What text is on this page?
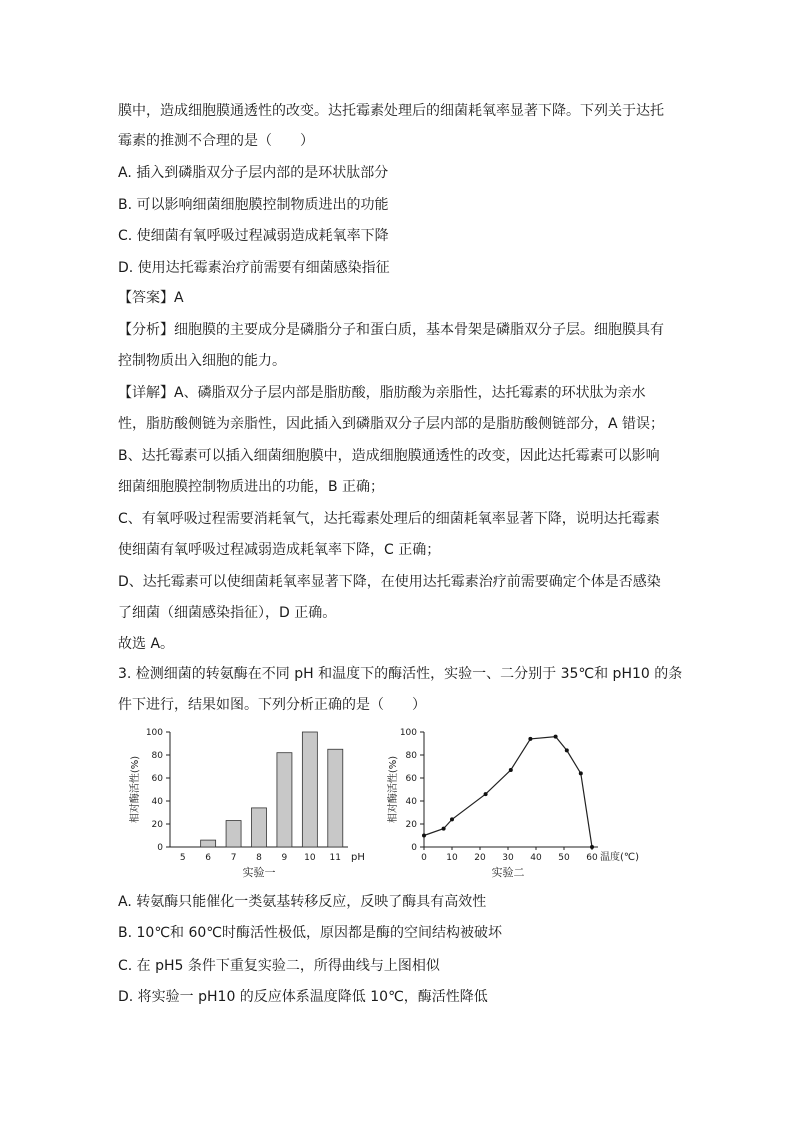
膜中，造成细胞膜通透性的改变。达托霉素处理后的细菌耗氧率显著下降。下列关于达托
霉素的推测不合理的是（　　）
A. 插入到磷脂双分子层内部的是环状肽部分
B. 可以影响细菌细胞膜控制物质进出的功能
C. 使细菌有氧呼吸过程减弱造成耗氧率下降
D. 使用达托霉素治疗前需要有细菌感染指征
【答案】A
【分析】细胞膜的主要成分是磷脂分子和蛋白质，基本骨架是磷脂双分子层。细胞膜具有
控制物质出入细胞的能力。
【详解】A、磷脂双分子层内部是脂肪酸，脂肪酸为亲脂性，达托霉素的环状肽为亲水
性，脂肪酸侧链为亲脂性，因此插入到磷脂双分子层内部的是脂肪酸侧链部分，A 错误；
B、达托霉素可以插入细菌细胞膜中，造成细胞膜通透性的改变，因此达托霉素可以影响
细菌细胞膜控制物质进出的功能，B 正确；
C、有氧呼吸过程需要消耗氧气，达托霉素处理后的细菌耗氧率显著下降，说明达托霉素
使细菌有氧呼吸过程减弱造成耗氧率下降，C 正确；
D、达托霉素可以使细菌耗氧率显著下降，在使用达托霉素治疗前需要确定个体是否感染
了细菌（细菌感染指征），D 正确。
故选 A。
3. 检测细菌的转氨酶在不同 pH 和温度下的酶活性，实验一、二分别于 35℃和 pH10 的条
件下进行，结果如图。下列分析正确的是（　　）
0
20
40
60
80
100
5 6 7 8 9 10 11 pH
相对酶活性(%)
实验一
0
20
40
60
80
100
0 10 20 30 40 50 60 温度(℃)
相对酶活性(%)
实验二
A. 转氨酶只能催化一类氨基转移反应，反映了酶具有高效性
B. 10℃和 60℃时酶活性极低，原因都是酶的空间结构被破坏
C. 在 pH5 条件下重复实验二，所得曲线与上图相似
D. 将实验一 pH10 的反应体系温度降低 10℃，酶活性降低
